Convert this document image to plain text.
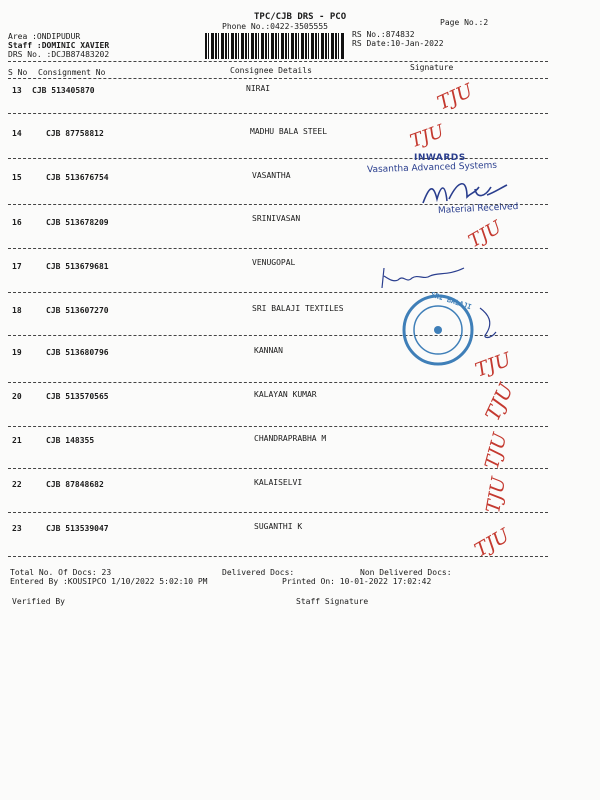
TPC/CJB DRS - PCO
Phone No.:0422-3505555	Page No.:2
Area :ONDIPUDUR
Staff :DOMINIC XAVIER
DRS No. :DCJB87483202
RS No.:874832
RS Date:10-Jan-2022
S No Consignment No	Consignee Details	Signature
13 CJB 513405870	NIRAI
14	CJB 87758812	MADHU BALA STEEL
15	CJB 513676754	VASANTHA
16	CJB 513678209	SRINIVASAN
17	CJB 513679681	VENUGOPAL
18	CJB 513607270	SRI BALAJI TEXTILES
19	CJB 513680796	KANNAN
20	CJB 513570565	KALAYAN KUMAR
21	CJB 148355	CHANDRAPRABHA M
22	CJB 87848682	KALAISELVI
23	CJB 513539047	SUGANTHI K
Total No. Of Docs: 23	Delivered Docs:	Non Delivered Docs:
Entered By :KOUSIPCO 1/10/2022 5:02:10 PM	Printed On: 10-01-2022 17:02:42
Verified By	Staff Signature
INWARDS
Vasantha Advanced Systems
Material Received
SRI BALAJI
TJU
TJU
TJU
TJU
TJU
TJU
TJU
TJU
